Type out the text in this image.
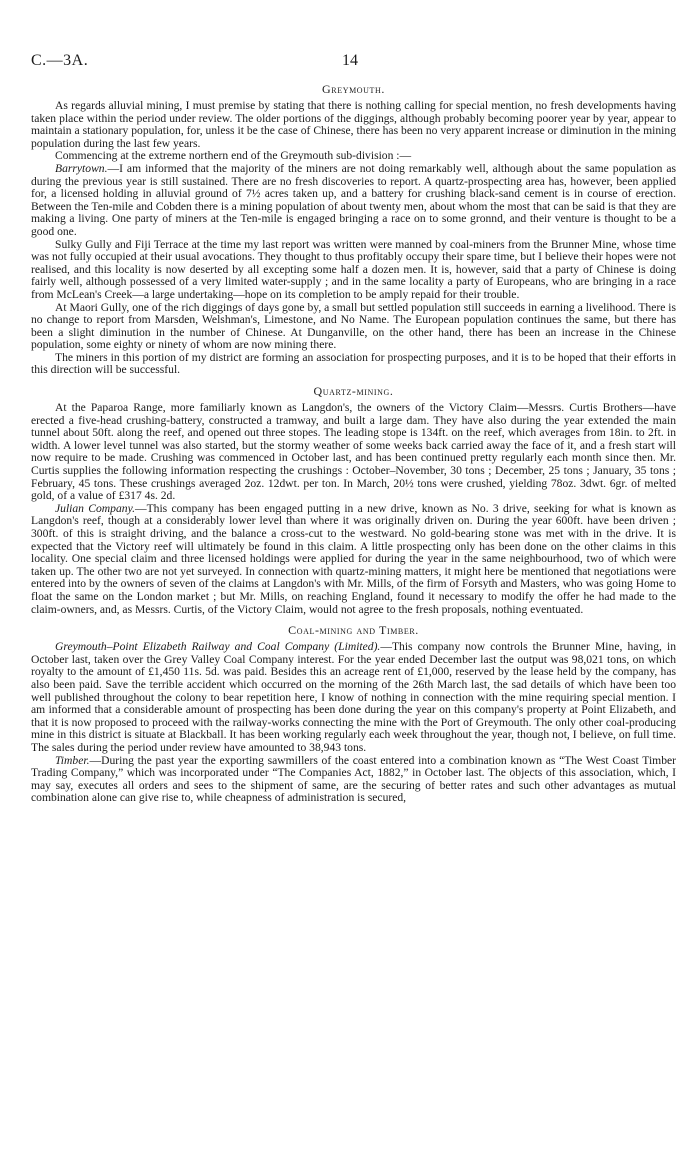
C.—3A.	14
Greymouth.

As regards alluvial mining, I must premise by stating that there is nothing calling for special mention, no fresh developments having taken place within the period under review. The older portions of the diggings, although probably becoming poorer year by year, appear to maintain a stationary population, for, unless it be the case of Chinese, there has been no very apparent increase or diminution in the mining population during the last few years.

Commencing at the extreme northern end of the Greymouth sub-division :—

Barrytown.—I am informed that the majority of the miners are not doing remarkably well, although about the same population as during the previous year is still sustained. There are no fresh discoveries to report. A quartz-prospecting area has, however, been applied for, a licensed holding in alluvial ground of 7½ acres taken up, and a battery for crushing black-sand cement is in course of erection. Between the Ten-mile and Cobden there is a mining population of about twenty men, about whom the most that can be said is that they are making a living. One party of miners at the Ten-mile is engaged bringing a race on to some gronnd, and their venture is thought to be a good one.

Sulky Gully and Fiji Terrace at the time my last report was written were manned by coal-miners from the Brunner Mine, whose time was not fully occupied at their usual avocations. They thought to thus profitably occupy their spare time, but I believe their hopes were not realised, and this locality is now deserted by all excepting some half a dozen men. It is, however, said that a party of Chinese is doing fairly well, although possessed of a very limited water-supply ; and in the same locality a party of Europeans, who are bringing in a race from McLean's Creek—a large undertaking—hope on its completion to be amply repaid for their trouble.

At Maori Gully, one of the rich diggings of days gone by, a small but settled population still succeeds in earning a livelihood. There is no change to report from Marsden, Welshman's, Limestone, and No Name. The European population continues the same, but there has been a slight diminution in the number of Chinese. At Dunganville, on the other hand, there has been an increase in the Chinese population, some eighty or ninety of whom are now mining there.

The miners in this portion of my district are forming an association for prospecting purposes, and it is to be hoped that their efforts in this direction will be successful.

Quartz-mining.

At the Paparoa Range, more familiarly known as Langdon's, the owners of the Victory Claim—Messrs. Curtis Brothers—have erected a five-head crushing-battery, constructed a tramway, and built a large dam. They have also during the year extended the main tunnel about 50ft. along the reef, and opened out three stopes. The leading stope is 134ft. on the reef, which averages from 18in. to 2ft. in width. A lower level tunnel was also started, but the stormy weather of some weeks back carried away the face of it, and a fresh start will now require to be made. Crushing was commenced in October last, and has been continued pretty regularly each month since then. Mr. Curtis supplies the following information respecting the crushings : October–November, 30 tons ; December, 25 tons ; January, 35 tons ; February, 45 tons. These crushings averaged 2oz. 12dwt. per ton. In March, 20½ tons were crushed, yielding 78oz. 3dwt. 6gr. of melted gold, of a value of £317 4s. 2d.

Julian Company.—This company has been engaged putting in a new drive, known as No. 3 drive, seeking for what is known as Langdon's reef, though at a considerably lower level than where it was originally driven on. During the year 600ft. have been driven ; 300ft. of this is straight driving, and the balance a cross-cut to the westward. No gold-bearing stone was met with in the drive. It is expected that the Victory reef will ultimately be found in this claim. A little prospecting only has been done on the other claims in this locality. One special claim and three licensed holdings were applied for during the year in the same neighbourhood, two of which were taken up. The other two are not yet surveyed. In connection with quartz-mining matters, it might here be mentioned that negotiations were entered into by the owners of seven of the claims at Langdon's with Mr. Mills, of the firm of Forsyth and Masters, who was going Home to float the same on the London market ; but Mr. Mills, on reaching England, found it necessary to modify the offer he had made to the claim-owners, and, as Messrs. Curtis, of the Victory Claim, would not agree to the fresh proposals, nothing eventuated.

Coal-mining and Timber.

Greymouth–Point Elizabeth Railway and Coal Company (Limited).—This company now controls the Brunner Mine, having, in October last, taken over the Grey Valley Coal Company interest. For the year ended December last the output was 98,021 tons, on which royalty to the amount of £1,450 11s. 5d. was paid. Besides this an acreage rent of £1,000, reserved by the lease held by the company, has also been paid. Save the terrible accident which occurred on the morning of the 26th March last, the sad details of which have been too well published throughout the colony to bear repetition here, I know of nothing in connection with the mine requiring special mention. I am informed that a considerable amount of prospecting has been done during the year on this company's property at Point Elizabeth, and that it is now proposed to proceed with the railway-works connecting the mine with the Port of Greymouth. The only other coal-producing mine in this district is situate at Blackball. It has been working regularly each week throughout the year, though not, I believe, on full time. The sales during the period under review have amounted to 38,943 tons.

Timber.—During the past year the exporting sawmillers of the coast entered into a combination known as “The West Coast Timber Trading Company,” which was incorporated under “The Companies Act, 1882,” in October last. The objects of this association, which, I may say, executes all orders and sees to the shipment of same, are the securing of better rates and such other advantages as mutual combination alone can give rise to, while cheapness of administration is secured,
